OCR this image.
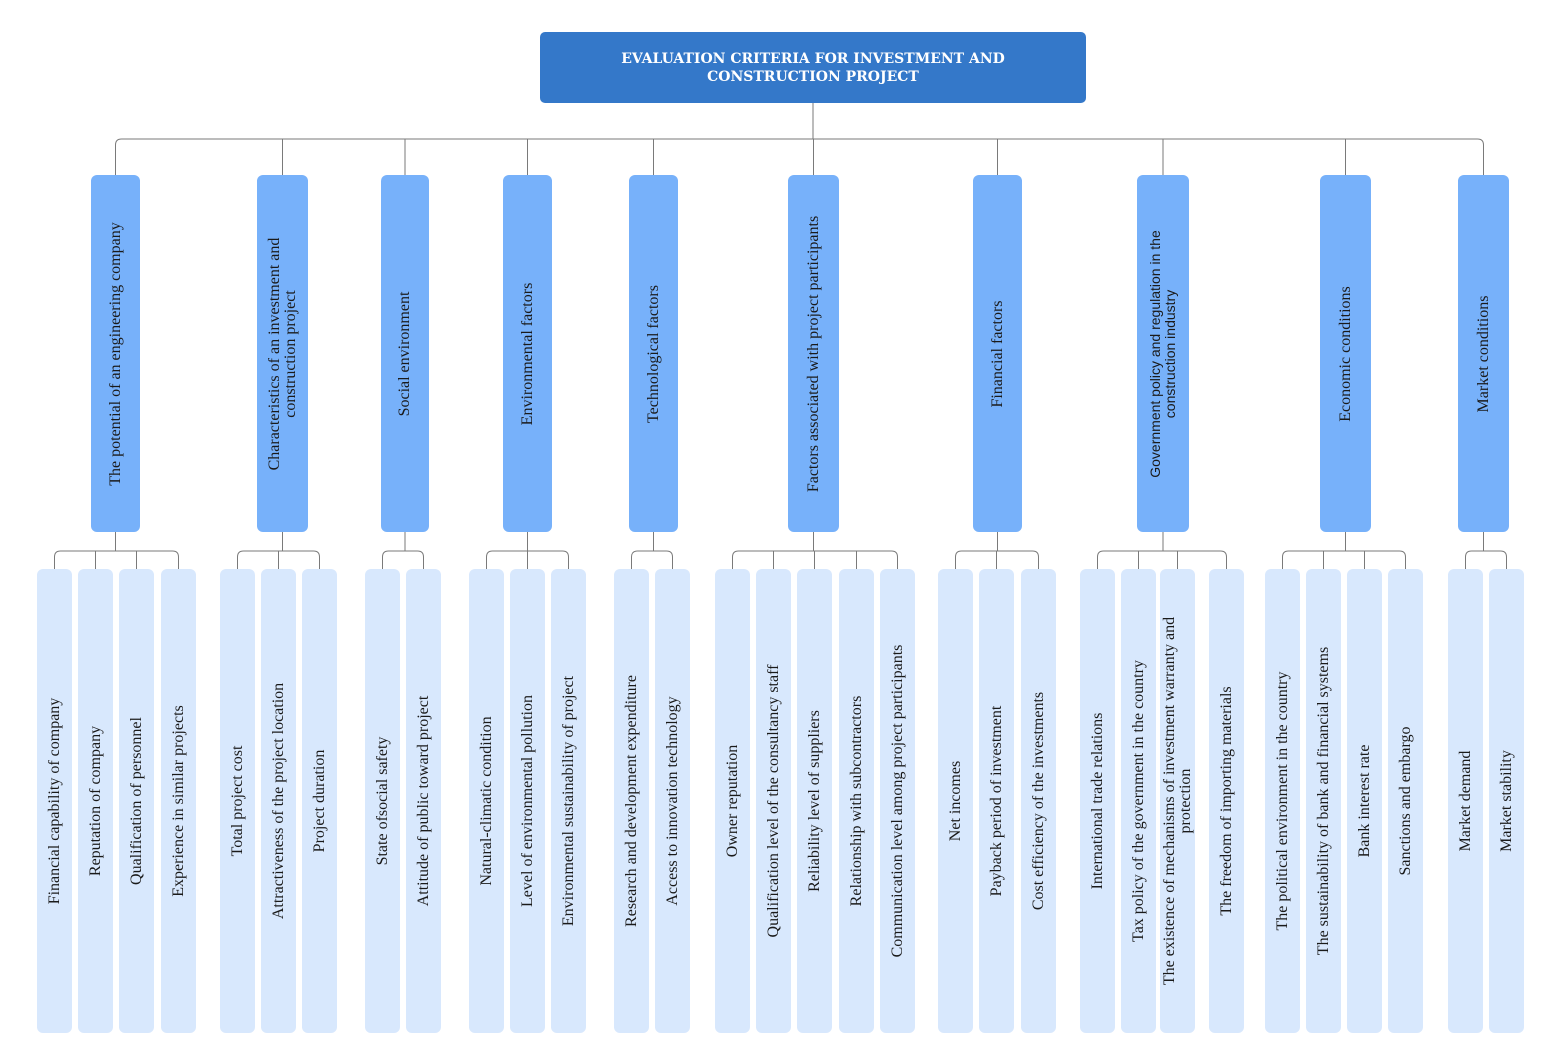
EVALUATION CRITERIA FOR INVESTMENT AND CONSTRUCTION PROJECT
The potential of an engineering company
Financial capability of company Reputation of company Qualification of personnel Experience in similar projects
Characteristics of an investment and construction project
Total project cost Attractiveness of the project location Project duration
Social environment
State ofsocial safety Attitude of public toward project
Environmental factors
Natural-climatic condition Level of environmental pollution Environmental sustainability of project
Technological factors
Research and development expenditure Access to innovation technology
Factors associated with project participants
Owner reputation Qualification level of the consultancy staff Reliability level of suppliers Relationship with subcontractors Communication level among project participants
Financial factors
Net incomes Payback period of investment Cost efficiency of the investments
Government policy and regulation in the construction industry
International trade relations Tax policy of the government in the country The existence of mechanisms of investment warranty and protection The freedom of importing materials
Economic conditions
The political environment in the country The sustainability of bank and financial systems Bank interest rate Sanctions and embargo
Market conditions
Market demand Market stability
